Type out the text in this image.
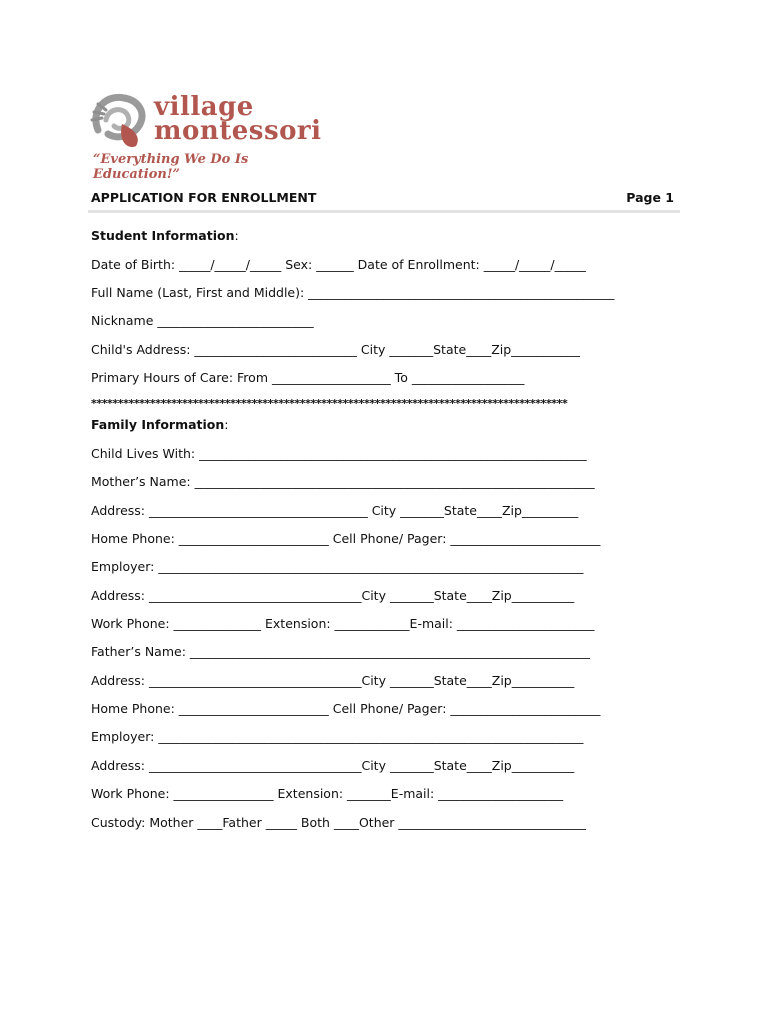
village
montessori
“Everything We Do Is Education!”
APPLICATION FOR ENROLLMENT	Page 1
Student Information:
Date of Birth: _____/_____/_____ Sex: ______ Date of Enrollment: _____/_____/_____
Full Name (Last, First and Middle): _________________________________________________
Nickname _________________________
Child's Address: __________________________ City _______State____Zip___________
Primary Hours of Care: From ___________________ To __________________
*****************************************************************************************
Family Information:
Child Lives With: ______________________________________________________________
Mother’s Name: ________________________________________________________________
Address: ___________________________________ City _______State____Zip_________
Home Phone: ________________________ Cell Phone/ Pager: ________________________
Employer: ____________________________________________________________________
Address: __________________________________City _______State____Zip__________
Work Phone: ______________ Extension: ____________E-mail: ______________________
Father’s Name: ________________________________________________________________
Address: __________________________________City _______State____Zip__________
Home Phone: ________________________ Cell Phone/ Pager: ________________________
Employer: ____________________________________________________________________
Address: __________________________________City _______State____Zip__________
Work Phone: ________________ Extension: _______E-mail: ____________________
Custody: Mother ____Father _____ Both ____Other ______________________________
